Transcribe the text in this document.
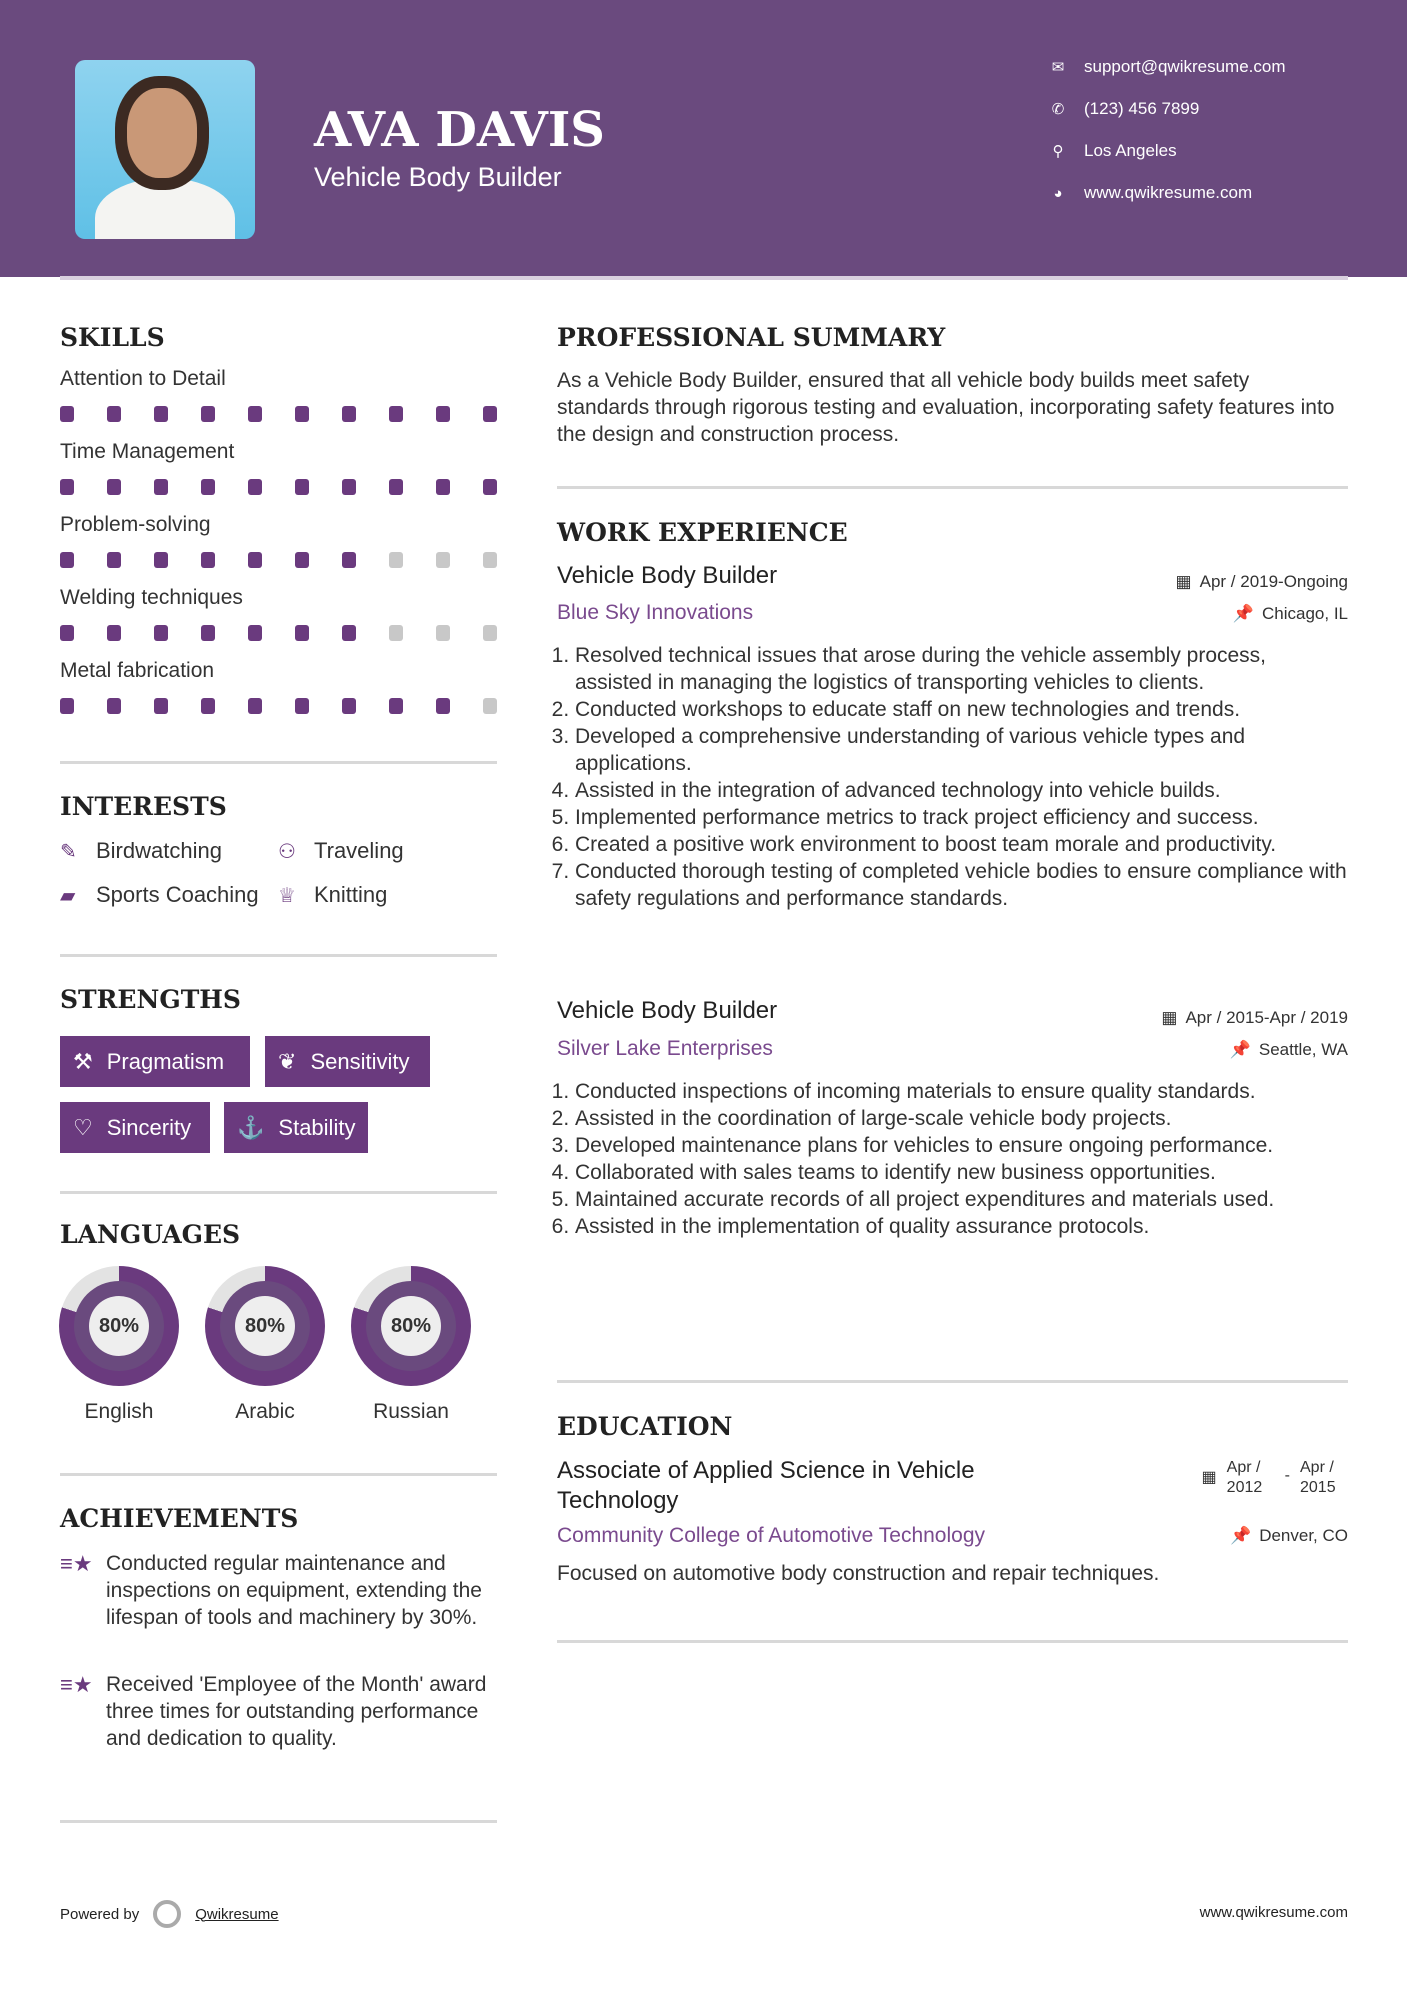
AVA DAVIS
Vehicle Body Builder
✉ support@qwikresume.com
✆ (123) 456 7899
⚲ Los Angeles
◕ www.qwikresume.com
SKILLS
Attention to Detail
Time Management
Problem-solving
Welding techniques
Metal fabrication
INTERESTS
✎ Birdwatching	⚇ Traveling
▰ Sports Coaching ♕ Knitting
STRENGTHS
⚒ Pragmatism ❦ Sensitivity
♡ Sincerity ⚓ Stability
LANGUAGES
80%
English
80%
Arabic
80%
Russian
ACHIEVEMENTS
≡★ Conducted regular maintenance and inspections on equipment, extending the lifespan of tools and machinery by 30%.
≡★ Received 'Employee of the Month' award three times for outstanding performance and dedication to quality.
PROFESSIONAL SUMMARY
As a Vehicle Body Builder, ensured that all vehicle body builds meet safety standards through rigorous testing and evaluation, incorporating safety features into the design and construction process.
WORK EXPERIENCE
Vehicle Body Builder	▦ Apr / 2019-Ongoing
Blue Sky Innovations	📌 Chicago, IL
1. Resolved technical issues that arose during the vehicle assembly process, assisted in managing the logistics of transporting vehicles to clients.
2. Conducted workshops to educate staff on new technologies and trends.
3. Developed a comprehensive understanding of various vehicle types and applications.
4. Assisted in the integration of advanced technology into vehicle builds.
5. Implemented performance metrics to track project efficiency and success.
6. Created a positive work environment to boost team morale and productivity.
7. Conducted thorough testing of completed vehicle bodies to ensure compliance with safety regulations and performance standards.
Vehicle Body Builder	▦ Apr / 2015-Apr / 2019
Silver Lake Enterprises	📌 Seattle, WA
1. Conducted inspections of incoming materials to ensure quality standards.
2. Assisted in the coordination of large-scale vehicle body projects.
3. Developed maintenance plans for vehicles to ensure ongoing performance.
4. Collaborated with sales teams to identify new business opportunities.
5. Maintained accurate records of all project expenditures and materials used.
6. Assisted in the implementation of quality assurance protocols.
EDUCATION
Associate of Applied Science in Vehicle Technology
▦
Apr / 2012
- Apr / 2015
Community College of Automotive Technology	📌 Denver, CO
Focused on automotive body construction and repair techniques.
Powered by	Qwikresume	www.qwikresume.com
